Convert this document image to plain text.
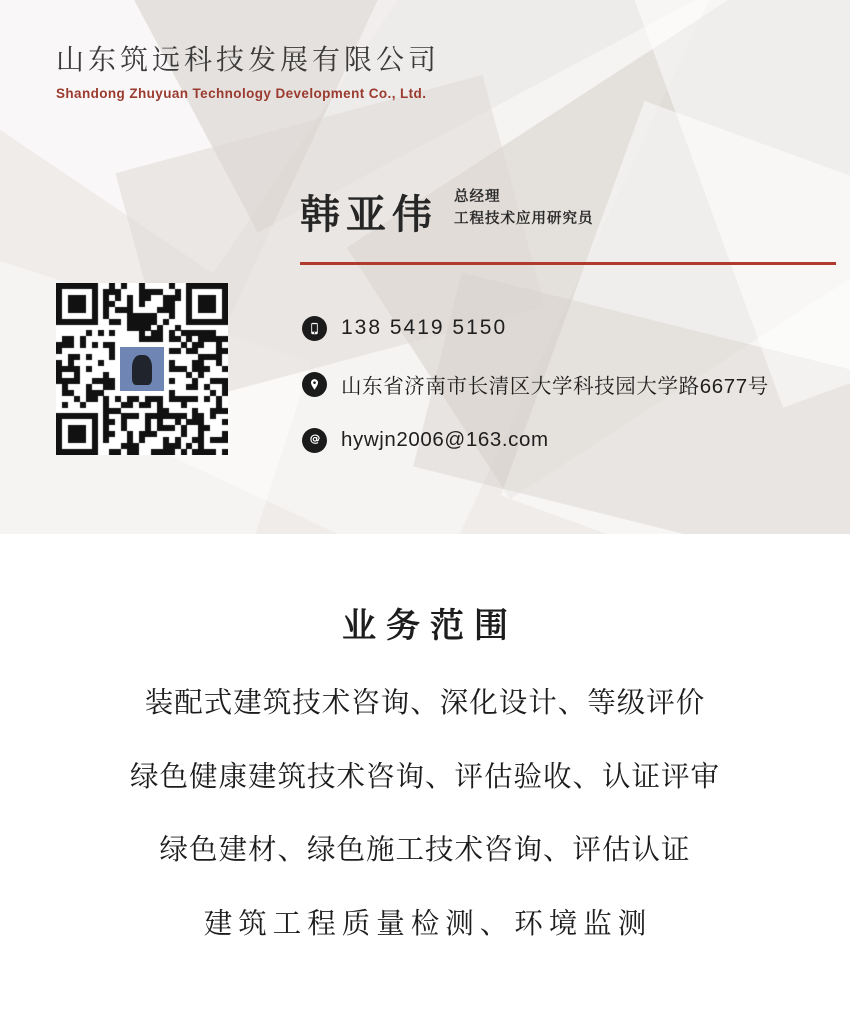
山东筑远科技发展有限公司
Shandong Zhuyuan Technology Development Co., Ltd.
韩亚伟 总经理
工程技术应用研究员
138 5419 5150
山东省济南市长清区大学科技园大学路6677号
hywjn2006@163.com
业务范围
装配式建筑技术咨询、深化设计、等级评价
绿色健康建筑技术咨询、评估验收、认证评审
绿色建材、绿色施工技术咨询、评估认证
建筑工程质量检测、环境监测
